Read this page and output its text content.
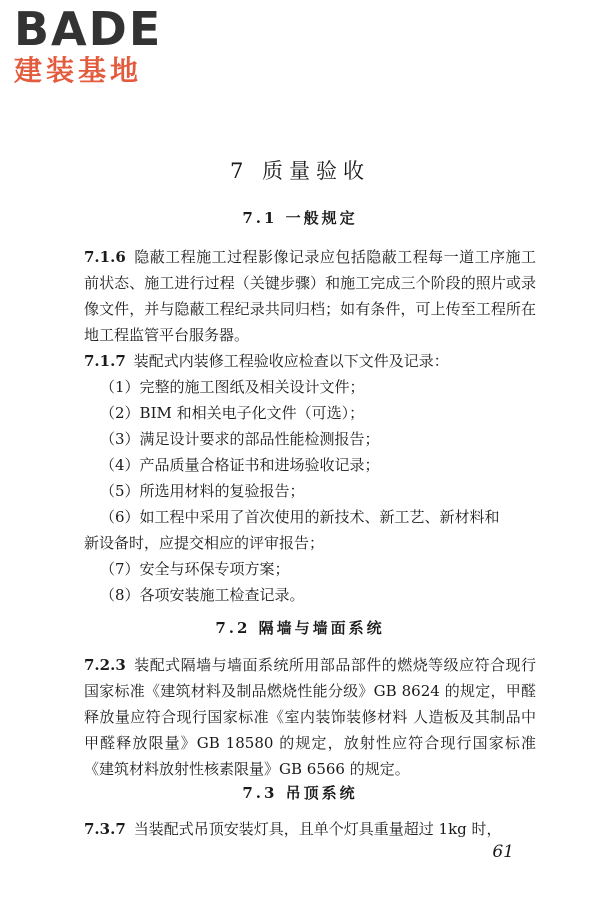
BADE
建装基地
7 质量验收
7.1 一般规定
7.1.6 隐蔽工程施工过程影像记录应包括隐蔽工程每一道工序施工前状态、施工进行过程（关键步骤）和施工完成三个阶段的照片或录像文件，并与隐蔽工程纪录共同归档；如有条件，可上传至工程所在地工程监管平台服务器。
7.1.7 装配式内装修工程验收应检查以下文件及记录：
（1）完整的施工图纸及相关设计文件；
（2）BIM 和相关电子化文件（可选）；
（3）满足设计要求的部品性能检测报告；
（4）产品质量合格证书和进场验收记录；
（5）所选用材料的复验报告；
（6）如工程中采用了首次使用的新技术、新工艺、新材料和
新设备时，应提交相应的评审报告；
（7）安全与环保专项方案；
（8）各项安装施工检查记录。
7.2 隔墙与墙面系统
7.2.3 装配式隔墙与墙面系统所用部品部件的燃烧等级应符合现行国家标准《建筑材料及制品燃烧性能分级》GB 8624 的规定，甲醛释放量应符合现行国家标准《室内装饰装修材料 人造板及其制品中甲醛释放限量》GB 18580 的规定，放射性应符合现行国家标准《建筑材料放射性核素限量》GB 6566 的规定。
7.3 吊顶系统
7.3.7 当装配式吊顶安装灯具，且单个灯具重量超过 1kg 时，
61
